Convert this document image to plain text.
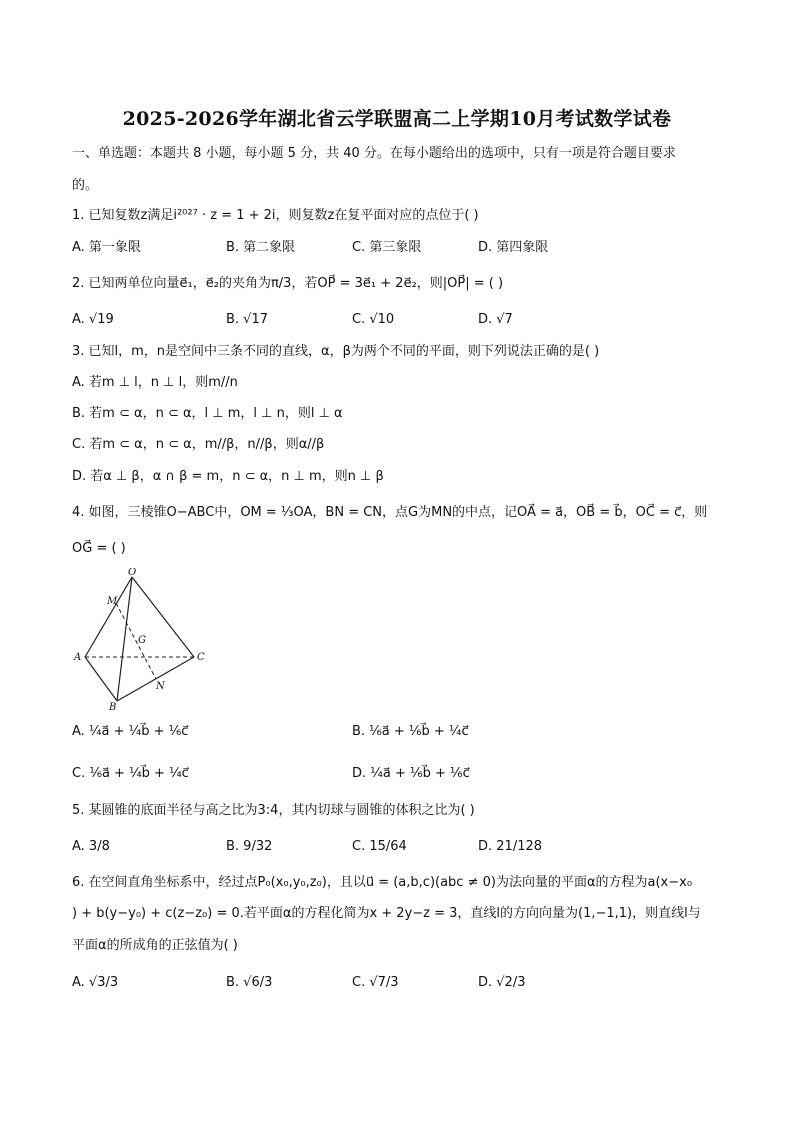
2025-2026学年湖北省云学联盟高二上学期10月考试数学试卷
一、单选题：本题共 8 小题，每小题 5 分，共 40 分。在每小题给出的选项中，只有一项是符合题目要求
的。
1. 已知复数z满足i²⁰²⁷ · z = 1 + 2i，则复数z在复平面对应的点位于( )
A. 第一象限	B. 第二象限	C. 第三象限	D. 第四象限
2. 已知两单位向量e⃗₁，e⃗₂的夹角为π/3，若OP⃗ = 3e⃗₁ + 2e⃗₂，则|OP⃗| = ( )
A. √19	B. √17	C. √10	D. √7
3. 已知l，m，n是空间中三条不同的直线，α，β为两个不同的平面，则下列说法正确的是( )
A. 若m ⊥ l，n ⊥ l，则m//n
B. 若m ⊂ α，n ⊂ α，l ⊥ m，l ⊥ n，则l ⊥ α
C. 若m ⊂ α，n ⊂ α，m//β，n//β，则α//β
D. 若α ⊥ β，α ∩ β = m，n ⊂ α，n ⊥ m，则n ⊥ β
4. 如图，三棱锥O−ABC中，OM = ⅓OA，BN = CN，点G为MN的中点，记OA⃗ = a⃗，OB⃗ = b⃗，OC⃗ = c⃗，则
OG⃗ = ( )
O
M
G
A	C
N
B
A. ¼a⃗ + ¼b⃗ + ⅙c⃗	B. ⅙a⃗ + ⅙b⃗ + ¼c⃗
C. ⅙a⃗ + ¼b⃗ + ¼c⃗	D. ¼a⃗ + ⅙b⃗ + ⅙c⃗
5. 某圆锥的底面半径与高之比为3:4，其内切球与圆锥的体积之比为( )
A. 3/8	B. 9/32	C. 15/64	D. 21/128
6. 在空间直角坐标系中，经过点P₀(x₀,y₀,z₀)，且以u⃗ = (a,b,c)(abc ≠ 0)为法向量的平面α的方程为a(x−x₀
) + b(y−y₀) + c(z−z₀) = 0.若平面α的方程化简为x + 2y−z = 3，直线l的方向向量为(1,−1,1)，则直线l与
平面α的所成角的正弦值为( )
A. √3/3	B. √6/3	C. √7/3	D. √2/3
